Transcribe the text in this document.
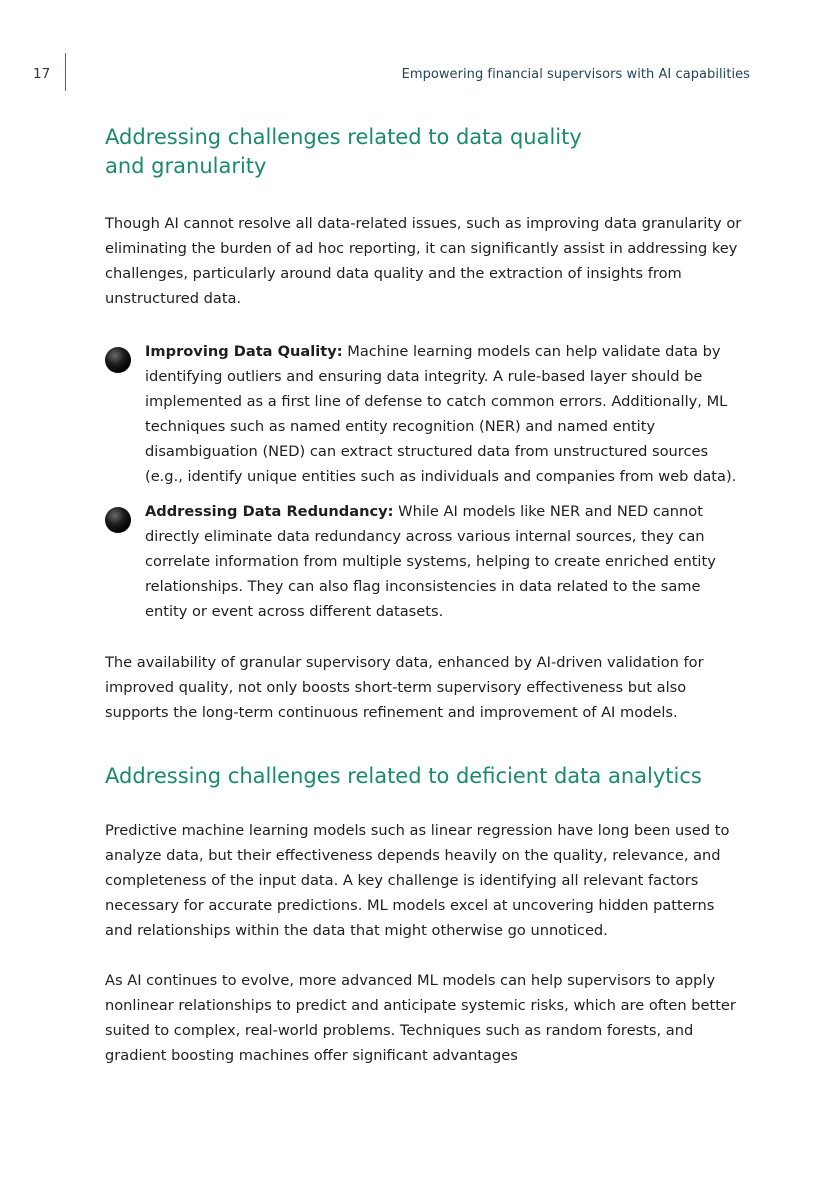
17	Empowering financial supervisors with AI capabilities
Addressing challenges related to data quality
and granularity

Though AI cannot resolve all data-related issues, such as improving data granularity or eliminating the burden of ad hoc reporting, it can significantly assist in addressing key challenges, particularly around data quality and the extraction of insights from unstructured data.

Improving Data Quality: Machine learning models can help validate data by identifying outliers and ensuring data integrity. A rule-based layer should be implemented as a first line of defense to catch common errors. Additionally, ML techniques such as named entity recognition (NER) and named entity disambiguation (NED) can extract structured data from unstructured sources (e.g., identify unique entities such as individuals and companies from web data).
Addressing Data Redundancy: While AI models like NER and NED cannot directly eliminate data redundancy across various internal sources, they can correlate information from multiple systems, helping to create enriched entity relationships. They can also flag inconsistencies in data related to the same entity or event across different datasets.

The availability of granular supervisory data, enhanced by AI-driven validation for improved quality, not only boosts short-term supervisory effectiveness but also supports the long-term continuous refinement and improvement of AI models.

Addressing challenges related to deficient data analytics

Predictive machine learning models such as linear regression have long been used to analyze data, but their effectiveness depends heavily on the quality, relevance, and completeness of the input data. A key challenge is identifying all relevant factors necessary for accurate predictions. ML models excel at uncovering hidden patterns and relationships within the data that might otherwise go unnoticed.

As AI continues to evolve, more advanced ML models can help supervisors to apply nonlinear relationships to predict and anticipate systemic risks, which are often better suited to complex, real-world problems. Techniques such as random forests, and gradient boosting machines offer significant advantages
